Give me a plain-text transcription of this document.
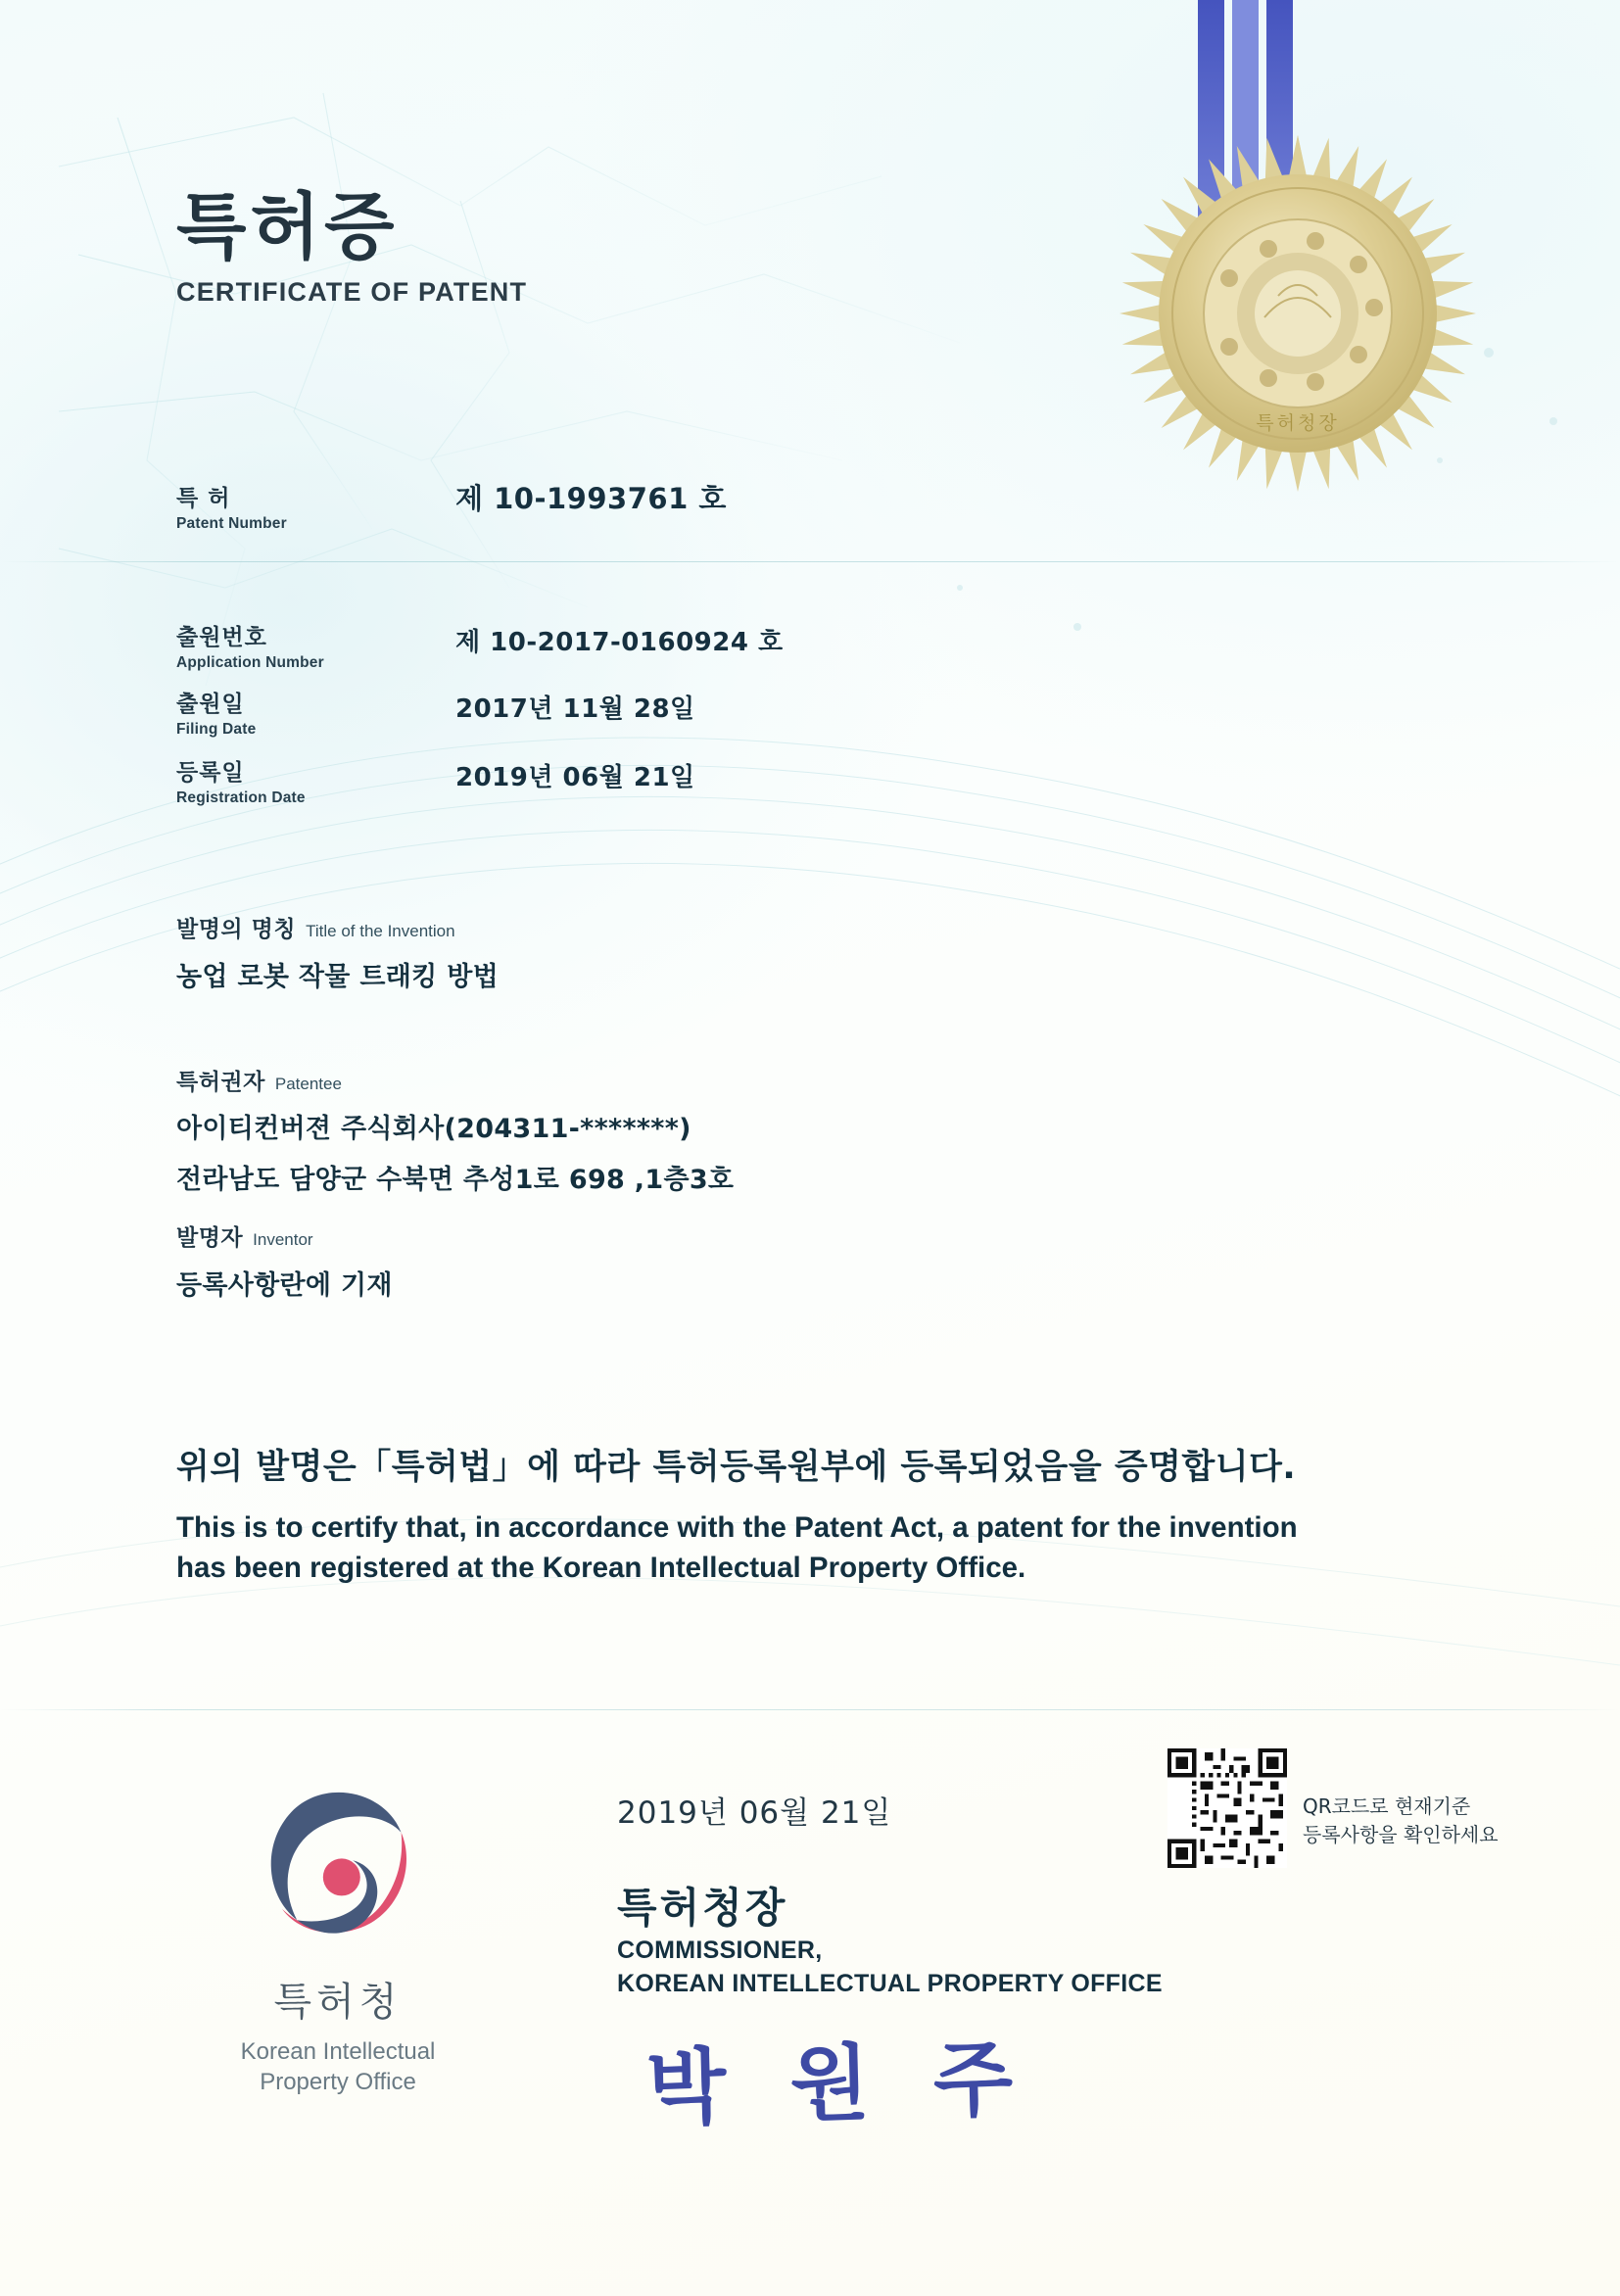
특허청장
특허증
CERTIFICATE OF PATENT
특 허
Patent Number
제 10-1993761 호
출원번호
Application Number
제 10-2017-0160924 호
출원일
Filing Date
2017년 11월 28일
등록일
Registration Date
2019년 06월 21일
발명의 명칭 Title of the Invention
농업 로봇 작물 트래킹 방법
특허권자 Patentee
아이티컨버젼 주식회사(204311-*******)
전라남도 담양군 수북면 추성1로 698 ,1층3호
발명자 Inventor
등록사항란에 기재
위의 발명은「특허법」에 따라 특허등록원부에 등록되었음을 증명합니다.
This is to certify that, in accordance with the Patent Act, a patent for the invention
has been registered at the Korean Intellectual Property Office.
특허청
Korean Intellectual
Property Office
2019년 06월 21일
특허청장
COMMISSIONER,
KOREAN INTELLECTUAL PROPERTY OFFICE
박 원 주
QR코드로 현재기준
등록사항을 확인하세요
